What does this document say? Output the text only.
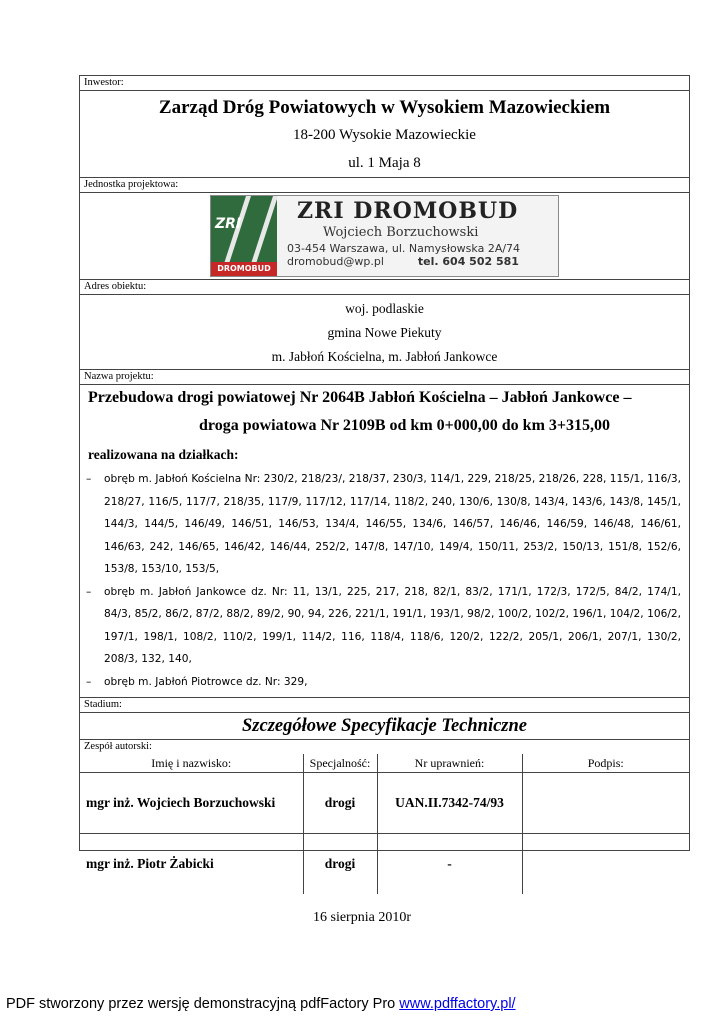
Inwestor:
Zarząd Dróg Powiatowych w Wysokiem Mazowieckiem
18-200 Wysokie Mazowieckie
ul. 1 Maja 8
Jednostka projektowa:
ZRI
DROMOBUD
ZRI DROMOBUD
Wojciech Borzuchowski
03-454 Warszawa, ul. Namysłowska 2A/74
dromobud@wp.pl	tel. 604 502 581
Adres obiektu:
woj. podlaskie
gmina Nowe Piekuty
m. Jabłoń Kościelna, m. Jabłoń Jankowce
Nazwa projektu:
Przebudowa drogi powiatowej Nr 2064B Jabłoń Kościelna – Jabłoń Jankowce –
droga powiatowa Nr 2109B od km 0+000,00 do km 3+315,00
realizowana na działkach:
– obręb m. Jabłoń Kościelna Nr: 230/2, 218/23/, 218/37, 230/3, 114/1, 229, 218/25, 218/26, 228, 115/1, 116/3, 218/27, 116/5, 117/7, 218/35, 117/9, 117/12, 117/14, 118/2, 240, 130/6, 130/8, 143/4, 143/6, 143/8, 145/1, 144/3, 144/5, 146/49, 146/51, 146/53, 134/4, 146/55, 134/6, 146/57, 146/46, 146/59, 146/48, 146/61, 146/63, 242, 146/65, 146/42, 146/44, 252/2, 147/8, 147/10, 149/4, 150/11, 253/2, 150/13, 151/8, 152/6, 153/8, 153/10, 153/5,
– obręb m. Jabłoń Jankowce dz. Nr: 11, 13/1, 225, 217, 218, 82/1, 83/2, 171/1, 172/3, 172/5, 84/2, 174/1, 84/3, 85/2, 86/2, 87/2, 88/2, 89/2, 90, 94, 226, 221/1, 191/1, 193/1, 98/2, 100/2, 102/2, 196/1, 104/2, 106/2, 197/1, 198/1, 108/2, 110/2, 199/1, 114/2, 116, 118/4, 118/6, 120/2, 122/2, 205/1, 206/1, 207/1, 130/2, 208/3, 132, 140,
– obręb m. Jabłoń Piotrowce dz. Nr: 329,
Stadium:
Szczegółowe Specyfikacje Techniczne
Zespół autorski:
Imię i nazwisko:	Specjalność:	Nr uprawnień:	Podpis:
mgr inż. Wojciech Borzuchowski	drogi	UAN.II.7342-74/93	
mgr inż. Piotr Żabicki	drogi	-	
16 sierpnia 2010r
PDF stworzony przez wersję demonstracyjną pdfFactory Pro www.pdffactory.pl/
